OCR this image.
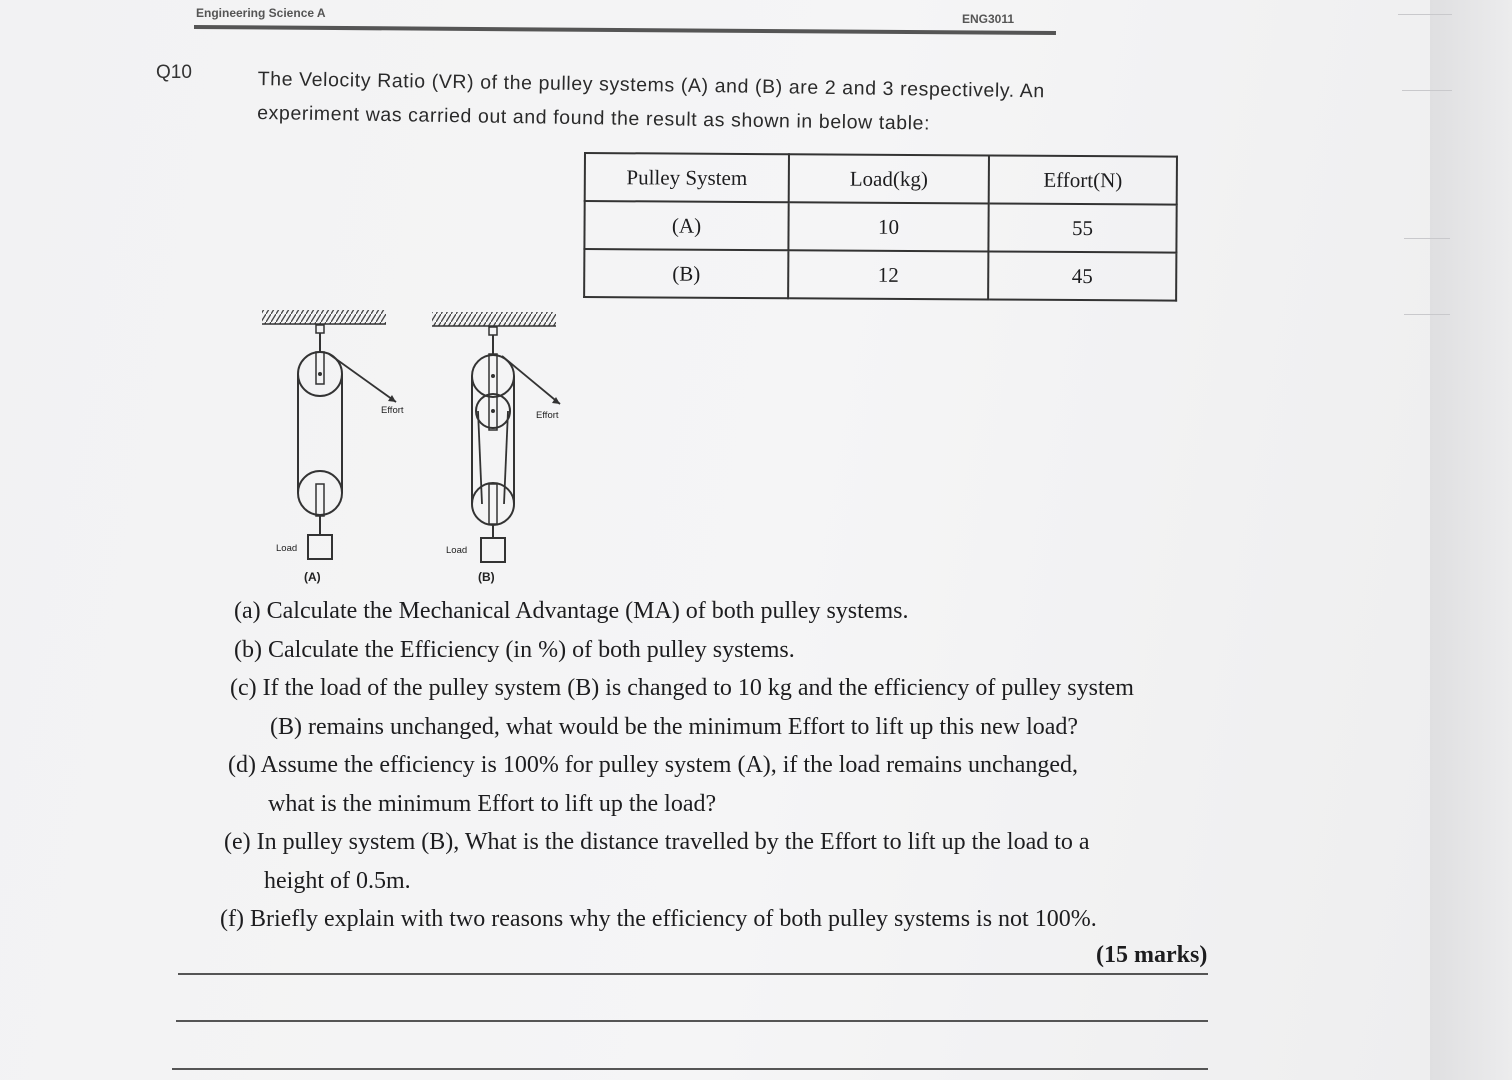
Engineering Science A	ENG3011
Q10	The Velocity Ratio (VR) of the pulley systems (A) and (B) are 2 and 3 respectively. An
experiment was carried out and found the result as shown in below table:
Pulley System	Load(kg)	Effort(N)
(A)	10	55
(B)	12	45
Effort
Load
(A)
Effort
Load
(B)
(a) Calculate the Mechanical Advantage (MA) of both pulley systems.
(b) Calculate the Efficiency (in %) of both pulley systems.
(c) If the load of the pulley system (B) is changed to 10 kg and the efficiency of pulley system
(B) remains unchanged, what would be the minimum Effort to lift up this new load?
(d) Assume the efficiency is 100% for pulley system (A), if the load remains unchanged,
what is the minimum Effort to lift up the load?
(e) In pulley system (B), What is the distance travelled by the Effort to lift up the load to a
height of 0.5m.
(f) Briefly explain with two reasons why the efficiency of both pulley systems is not 100%.
(15 marks)
